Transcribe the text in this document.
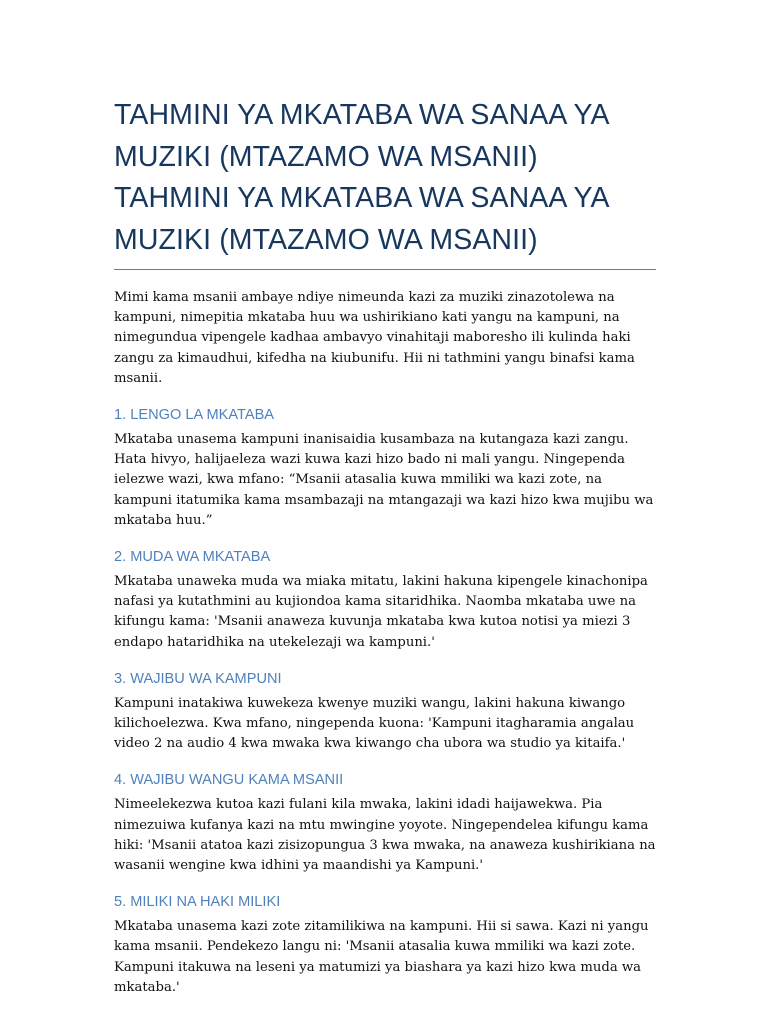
TAHMINI YA MKATABA WA SANAA YA MUZIKI (MTAZAMO WA MSANII) TAHMINI YA MKATABA WA SANAA YA MUZIKI (MTAZAMO WA MSANII)

Mimi kama msanii ambaye ndiye nimeunda kazi za muziki zinazotolewa na kampuni, nimepitia mkataba huu wa ushirikiano kati yangu na kampuni, na nimegundua vipengele kadhaa ambavyo vinahitaji maboresho ili kulinda haki zangu za kimaudhui, kifedha na kiubunifu. Hii ni tathmini yangu binafsi kama msanii.

1. LENGO LA MKATABA

Mkataba unasema kampuni inanisaidia kusambaza na kutangaza kazi zangu. Hata hivyo, halijaeleza wazi kuwa kazi hizo bado ni mali yangu. Ningependa ielezwe wazi, kwa mfano: “Msanii atasalia kuwa mmiliki wa kazi zote, na kampuni itatumika kama msambazaji na mtangazaji wa kazi hizo kwa mujibu wa mkataba huu.”

2. MUDA WA MKATABA

Mkataba unaweka muda wa miaka mitatu, lakini hakuna kipengele kinachonipa nafasi ya kutathmini au kujiondoa kama sitaridhika. Naomba mkataba uwe na kifungu kama: 'Msanii anaweza kuvunja mkataba kwa kutoa notisi ya miezi 3 endapo hataridhika na utekelezaji wa kampuni.'

3. WAJIBU WA KAMPUNI

Kampuni inatakiwa kuwekeza kwenye muziki wangu, lakini hakuna kiwango kilichoelezwa. Kwa mfano, ningependa kuona: 'Kampuni itagharamia angalau video 2 na audio 4 kwa mwaka kwa kiwango cha ubora wa studio ya kitaifa.'

4. WAJIBU WANGU KAMA MSANII

Nimeelekezwa kutoa kazi fulani kila mwaka, lakini idadi haijawekwa. Pia nimezuiwa kufanya kazi na mtu mwingine yoyote. Ningependelea kifungu kama hiki: 'Msanii atatoa kazi zisizopungua 3 kwa mwaka, na anaweza kushirikiana na wasanii wengine kwa idhini ya maandishi ya Kampuni.'

5. MILIKI NA HAKI MILIKI

Mkataba unasema kazi zote zitamilikiwa na kampuni. Hii si sawa. Kazi ni yangu kama msanii. Pendekezo langu ni: 'Msanii atasalia kuwa mmiliki wa kazi zote. Kampuni itakuwa na leseni ya matumizi ya biashara ya kazi hizo kwa muda wa mkataba.'
